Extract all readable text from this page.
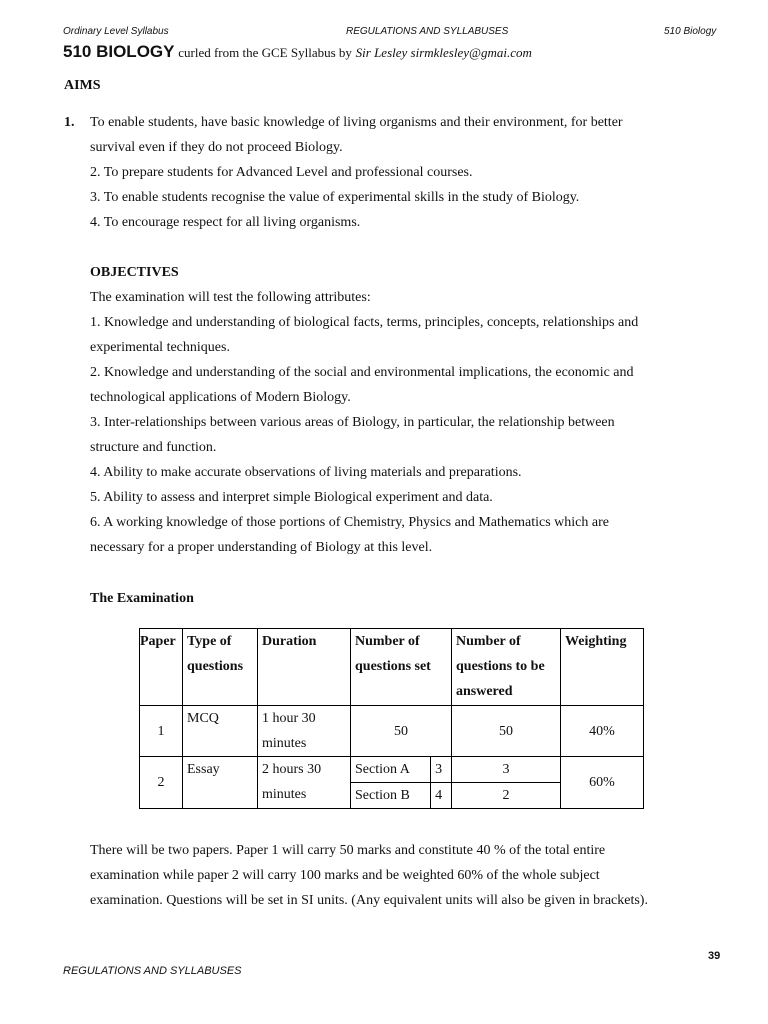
Ordinary Level Syllabus	REGULATIONS AND SYLLABUSES	510 Biology
510 BIOLOGY curled from the GCE Syllabus by Sir Lesley sirmklesley@gmai.com
AIMS
1. To enable students, have basic knowledge of living organisms and their environment, for better
survival even if they do not proceed Biology.
2. To prepare students for Advanced Level and professional courses.
3. To enable students recognise the value of experimental skills in the study of Biology.
4. To encourage respect for all living organisms.
OBJECTIVES
The examination will test the following attributes:
1. Knowledge and understanding of biological facts, terms, principles, concepts, relationships and
experimental techniques.
2. Knowledge and understanding of the social and environmental implications, the economic and
technological applications of Modern Biology.
3. Inter-relationships between various areas of Biology, in particular, the relationship between
structure and function.
4. Ability to make accurate observations of living materials and preparations.
5. Ability to assess and interpret simple Biological experiment and data.
6. A working knowledge of those portions of Chemistry, Physics and Mathematics which are
necessary for a proper understanding of Biology at this level.
The Examination
Paper	Type of questions	Duration	Number of questions set		Number of questions to be answered	Weighting
1	MCQ	1 hour 30 minutes	50		50	40%
2	Essay	2 hours 30 minutes	Section A	3	3	60%
			Section B	4	2	
There will be two papers. Paper 1 will carry 50 marks and constitute 40 % of the total entire
examination while paper 2 will carry 100 marks and be weighted 60% of the whole subject
examination. Questions will be set in SI units. (Any equivalent units will also be given in brackets).
39
REGULATIONS AND SYLLABUSES
